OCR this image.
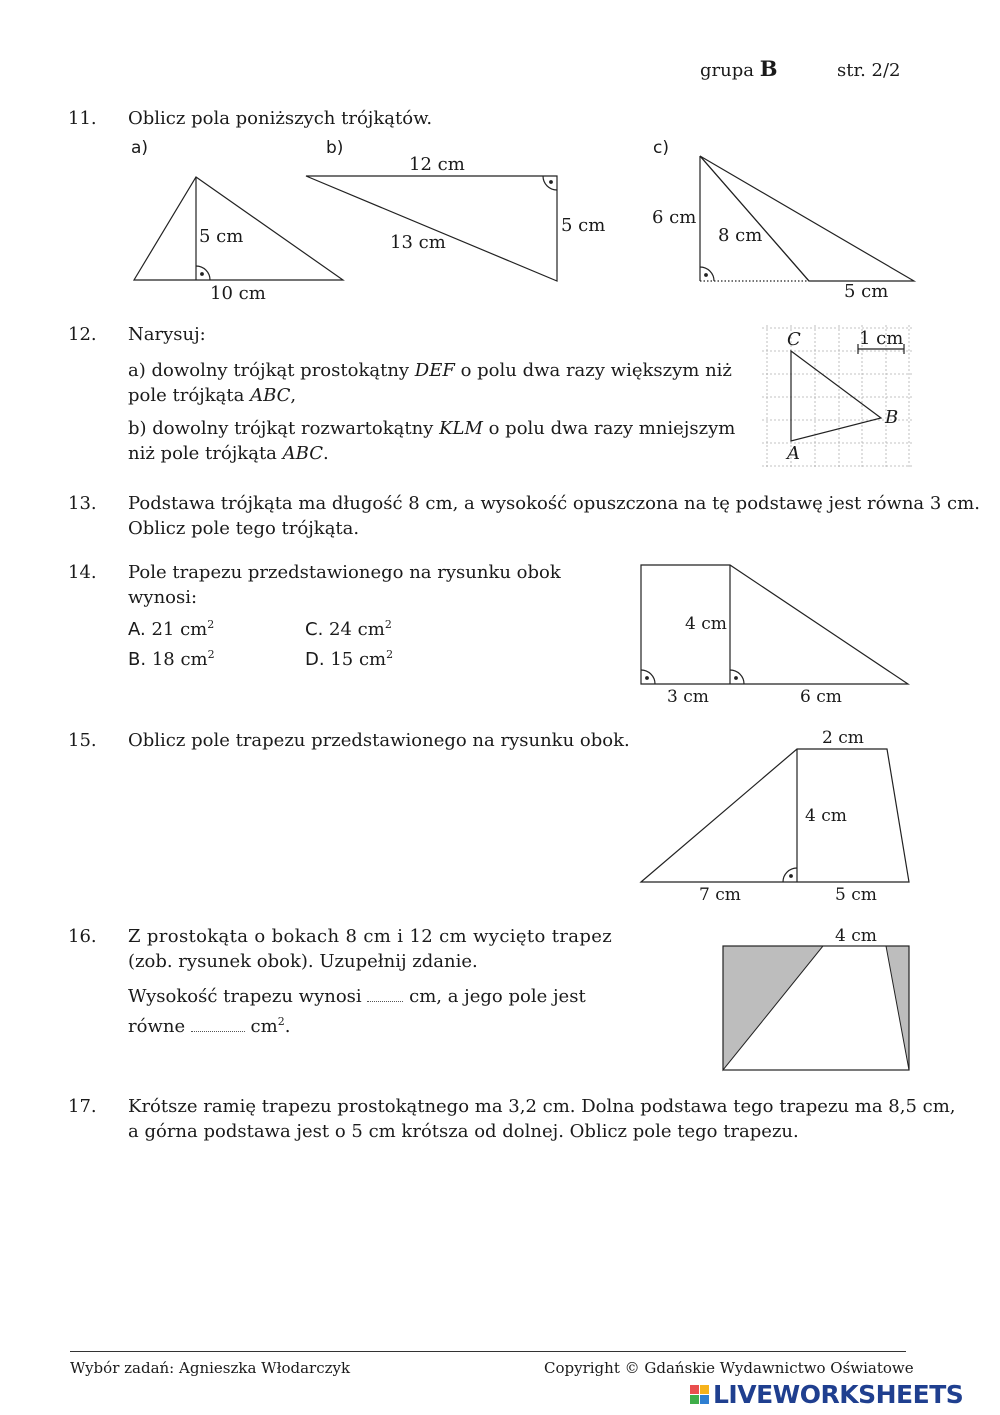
grupa B	str. 2/2
11. Oblicz pola poniższych trójkątów.
a)	b)	c)
5 cm
10 cm
12 cm
13 cm
5 cm	6 cm
8 cm
5 cm
12. Narysuj:
a) dowolny trójkąt prostokątny DEF o polu dwa razy większym niż
pole trójkąta ABC,
b) dowolny trójkąt rozwartokątny KLM o polu dwa razy mniejszym
niż pole trójkąta ABC.
C
B
A
1 cm
13. Podstawa trójkąta ma długość 8 cm, a wysokość opuszczona na tę podstawę jest równa 3 cm.
Oblicz pole tego trójkąta.
14. Pole trapezu przedstawionego na rysunku obok
wynosi:
A. 21 $cm^2$	C. 24 $cm^2$
B. 18 $cm^2$	D. 15 $cm^2$
4 cm
3 cm	6 cm
15. Oblicz pole trapezu przedstawionego na rysunku obok.	2 cm
4 cm
7 cm	5 cm
16. Z prostokąta o bokach 8 cm i 12 cm wycięto trapez
(zob. rysunek obok). Uzupełnij zdanie.
Wysokość trapezu wynosi  cm, a jego pole jest
równe	$cm^2$.
4 cm
17. Krótsze ramię trapezu prostokątnego ma 3,2 cm. Dolna podstawa tego trapezu ma 8,5 cm,
a górna podstawa jest o 5 cm krótsza od dolnej. Oblicz pole tego trapezu.
Wybór zadań: Agnieszka Włodarczyk	Copyright © Gdańskie Wydawnictwo Oświatowe
LIVEWORKSHEETS
